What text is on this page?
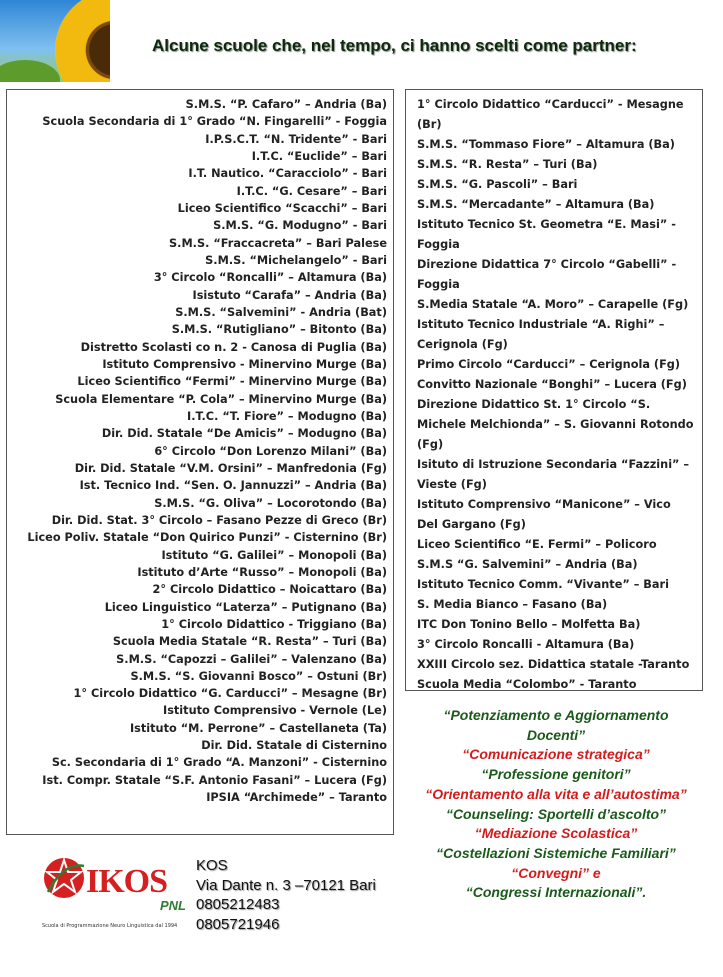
Alcune scuole che, nel tempo, ci hanno scelti come partner:
S.M.S. “P. Cafaro” – Andria (Ba)
Scuola Secondaria di 1° Grado “N. Fingarelli” - Foggia
I.P.S.C.T. “N. Tridente” - Bari
I.T.C. “Euclide” – Bari
I.T. Nautico. “Caracciolo” - Bari
I.T.C. “G. Cesare” – Bari
Liceo Scientifico “Scacchi” – Bari
S.M.S. “G. Modugno” - Bari
S.M.S. “Fraccacreta” – Bari Palese
S.M.S. “Michelangelo” - Bari
3° Circolo “Roncalli” – Altamura (Ba)
Isistuto “Carafa” – Andria (Ba)
S.M.S. “Salvemini” - Andria (Bat)
S.M.S. “Rutigliano” – Bitonto (Ba)
Distretto Scolasti co n. 2 - Canosa di Puglia (Ba)
Istituto Comprensivo - Minervino Murge (Ba)
Liceo Scientifico “Fermi” - Minervino Murge (Ba)
Scuola Elementare “P. Cola” – Minervino Murge (Ba)
I.T.C. “T. Fiore” – Modugno (Ba)
Dir. Did. Statale “De Amicis” – Modugno (Ba)
6° Circolo “Don Lorenzo Milani” (Ba)
Dir. Did. Statale “V.M. Orsini” – Manfredonia (Fg)
Ist. Tecnico Ind. “Sen. O. Jannuzzi” – Andria (Ba)
S.M.S. “G. Oliva” – Locorotondo (Ba)
Dir. Did. Stat. 3° Circolo – Fasano Pezze di Greco (Br)
Liceo Poliv. Statale “Don Quirico Punzi” - Cisternino (Br)
Istituto “G. Galilei” – Monopoli (Ba)
Istituto d’Arte “Russo” – Monopoli (Ba)
2° Circolo Didattico – Noicattaro (Ba)
Liceo Linguistico “Laterza” – Putignano (Ba)
1° Circolo Didattico - Triggiano (Ba)
Scuola Media Statale “R. Resta” – Turi (Ba)
S.M.S. “Capozzi – Galilei” – Valenzano (Ba)
S.M.S. “S. Giovanni Bosco” – Ostuni (Br)
1° Circolo Didattico “G. Carducci” – Mesagne (Br)
Istituto Comprensivo - Vernole (Le)
Istituto “M. Perrone” – Castellaneta (Ta)
Dir. Did. Statale di Cisternino
Sc. Secondaria di 1° Grado “A. Manzoni” - Cisternino
Ist. Compr. Statale “S.F. Antonio Fasani” – Lucera (Fg)
IPSIA “Archimede” – Taranto
1° Circolo Didattico “Carducci” - Mesagne (Br)
S.M.S. “Tommaso Fiore” – Altamura (Ba)
S.M.S. “R. Resta” – Turi (Ba)
S.M.S. “G. Pascoli” – Bari
S.M.S. “Mercadante” – Altamura (Ba)
Istituto Tecnico St. Geometra “E. Masi” - Foggia
Direzione Didattica 7° Circolo “Gabelli” - Foggia
S.Media Statale “A. Moro” – Carapelle (Fg)
Istituto Tecnico Industriale “A. Righi” – Cerignola (Fg)
Primo Circolo “Carducci” – Cerignola (Fg)
Convitto Nazionale “Bonghi” – Lucera (Fg)
Direzione Didattico St. 1° Circolo “S. Michele Melchionda” – S. Giovanni Rotondo (Fg)
Isituto di Istruzione Secondaria “Fazzini” – Vieste (Fg)
Istituto Comprensivo “Manicone” – Vico Del Gargano (Fg)
Liceo Scientifico “E. Fermi” – Policoro
S.M.S “G. Salvemini” – Andria (Ba)
Istituto Tecnico Comm. “Vivante” – Bari
S. Media Bianco – Fasano (Ba)
ITC Don Tonino Bello – Molfetta Ba)
3° Circolo Roncalli - Altamura (Ba)
XXIII Circolo sez. Didattica statale -Taranto
Scuola Media “Colombo” - Taranto
“Potenziamento e Aggiornamento Docenti”
“Comunicazione strategica”
“Professione genitori”
“Orientamento alla vita e all’autostima”
“Counseling: Sportelli d’ascolto”
“Mediazione Scolastica”
“Costellazioni Sistemiche Familiari”
“Convegni” e
“Congressi Internazionali”.
IKOS
PNL
Scuola di Programmazione Neuro Linguistica dal 1994
KOS
Via Dante n. 3 –70121 Bari
0805212483
0805721946
